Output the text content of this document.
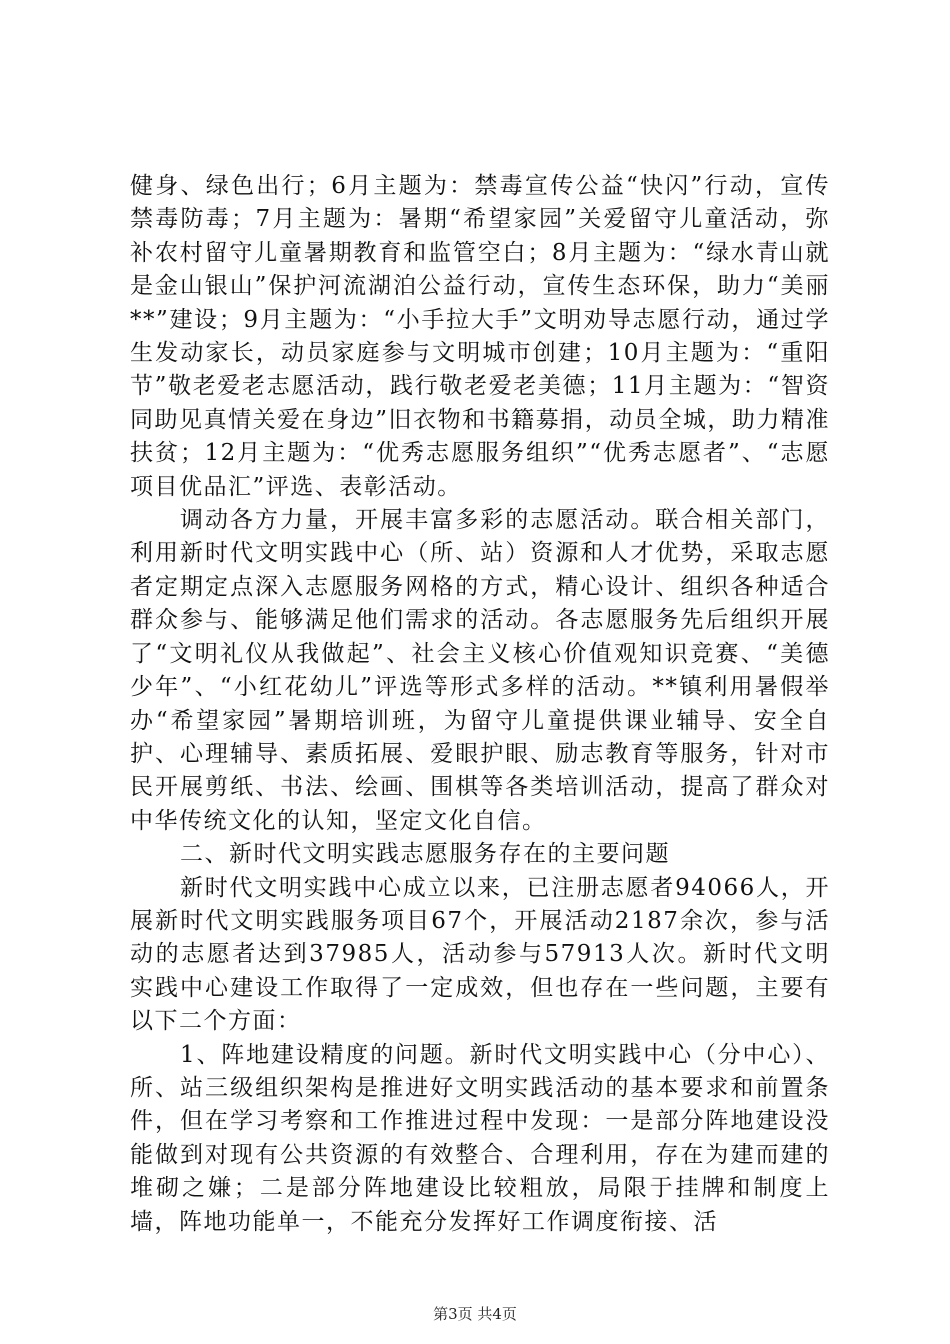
健身、绿色出行；6月主题为：禁毒宣传公益“快闪”行动，宣传禁毒防毒；7月主题为：暑期“希望家园”关爱留守儿童活动，弥补农村留守儿童暑期教育和监管空白；8月主题为：“绿水青山就是金山银山”保护河流湖泊公益行动，宣传生态环保，助力“美丽**”建设；9月主题为：“小手拉大手”文明劝导志愿行动，通过学生发动家长，动员家庭参与文明城市创建；10月主题为：“重阳节”敬老爱老志愿活动，践行敬老爱老美德；11月主题为：“智资同助见真情关爱在身边”旧衣物和书籍募捐，动员全城，助力精准扶贫；12月主题为：“优秀志愿服务组织”“优秀志愿者”、“志愿项目优品汇”评选、表彰活动。

调动各方力量，开展丰富多彩的志愿活动。联合相关部门，利用新时代文明实践中心（所、站）资源和人才优势，采取志愿者定期定点深入志愿服务网格的方式，精心设计、组织各种适合群众参与、能够满足他们需求的活动。各志愿服务先后组织开展了“文明礼仪从我做起”、社会主义核心价值观知识竞赛、“美德少年”、“小红花幼儿”评选等形式多样的活动。**镇利用暑假举办“希望家园”暑期培训班，为留守儿童提供课业辅导、安全自护、心理辅导、素质拓展、爱眼护眼、励志教育等服务，针对市民开展剪纸、书法、绘画、围棋等各类培训活动，提高了群众对中华传统文化的认知，坚定文化自信。

二、新时代文明实践志愿服务存在的主要问题

新时代文明实践中心成立以来，已注册志愿者94066人，开展新时代文明实践服务项目67个，开展活动2187余次，参与活动的志愿者达到37985人，活动参与57913人次。新时代文明实践中心建设工作取得了一定成效，但也存在一些问题，主要有以下二个方面：

1、阵地建设精度的问题。新时代文明实践中心（分中心）、所、站三级组织架构是推进好文明实践活动的基本要求和前置条件，但在学习考察和工作推进过程中发现：一是部分阵地建设没能做到对现有公共资源的有效整合、合理利用，存在为建而建的堆砌之嫌；二是部分阵地建设比较粗放，局限于挂牌和制度上墙，阵地功能单一，不能充分发挥好工作调度衔接、活

第3页 共4页
